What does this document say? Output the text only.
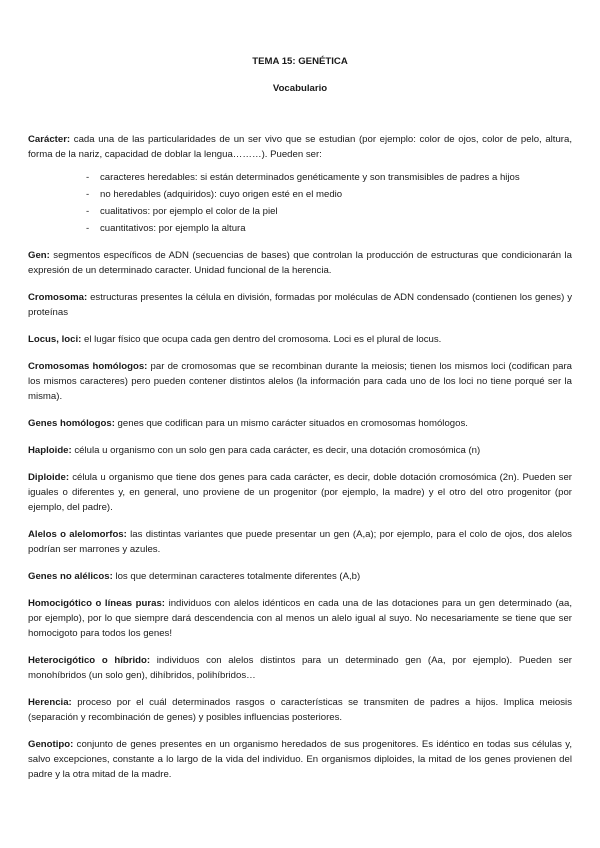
TEMA 15: GENÉTICA

Vocabulario

Carácter: cada una de las particularidades de un ser vivo que se estudian (por ejemplo: color de ojos, color de pelo, altura, forma de la nariz, capacidad de doblar la lengua………). Pueden ser:
- caracteres heredables: si están determinados genéticamente y son transmisibles de padres a hijos
- no heredables (adquiridos): cuyo origen esté en el medio
- cualitativos: por ejemplo el color de la piel
- cuantitativos: por ejemplo la altura
Gen: segmentos específicos de ADN (secuencias de bases) que controlan la producción de estructuras que condicionarán la expresión de un determinado caracter. Unidad funcional de la herencia.
Cromosoma: estructuras presentes la célula en división, formadas por moléculas de ADN condensado (contienen los genes) y proteínas
Locus, loci: el lugar físico que ocupa cada gen dentro del cromosoma. Loci es el plural de locus.
Cromosomas homólogos: par de cromosomas que se recombinan durante la meiosis; tienen los mismos loci (codifican para los mismos caracteres) pero pueden contener distintos alelos (la información para cada uno de los loci no tiene porqué ser la misma).
Genes homólogos: genes que codifican para un mismo carácter situados en cromosomas homólogos.
Haploide: célula u organismo con un solo gen para cada carácter, es decir, una dotación cromosómica (n)
Diploide: célula u organismo que tiene dos genes para cada carácter, es decir, doble dotación cromosómica (2n). Pueden ser iguales o diferentes y, en general, uno proviene de un progenitor (por ejemplo, la madre) y el otro del otro progenitor (por ejemplo, del padre).
Alelos o alelomorfos: las distintas variantes que puede presentar un gen (A,a); por ejemplo, para el colo de ojos, dos alelos podrían ser marrones y azules.
Genes no alélicos: los que determinan caracteres totalmente diferentes (A,b)
Homocigótico o líneas puras: individuos con alelos idénticos en cada una de las dotaciones para un gen determinado (aa, por ejemplo), por lo que siempre dará descendencia con al menos un alelo igual al suyo. No necesariamente se tiene que ser homocigoto para todos los genes!
Heterocigótico o híbrido: individuos con alelos distintos para un determinado gen (Aa, por ejemplo). Pueden ser monohíbridos (un solo gen), dihíbridos, polihíbridos…
Herencia: proceso por el cuál determinados rasgos o características se transmiten de padres a hijos. Implica meiosis (separación y recombinación de genes) y posibles influencias posteriores.
Genotipo: conjunto de genes presentes en un organismo heredados de sus progenitores. Es idéntico en todas sus células y, salvo excepciones, constante a lo largo de la vida del individuo. En organismos diploides, la mitad de los genes provienen del padre y la otra mitad de la madre.
